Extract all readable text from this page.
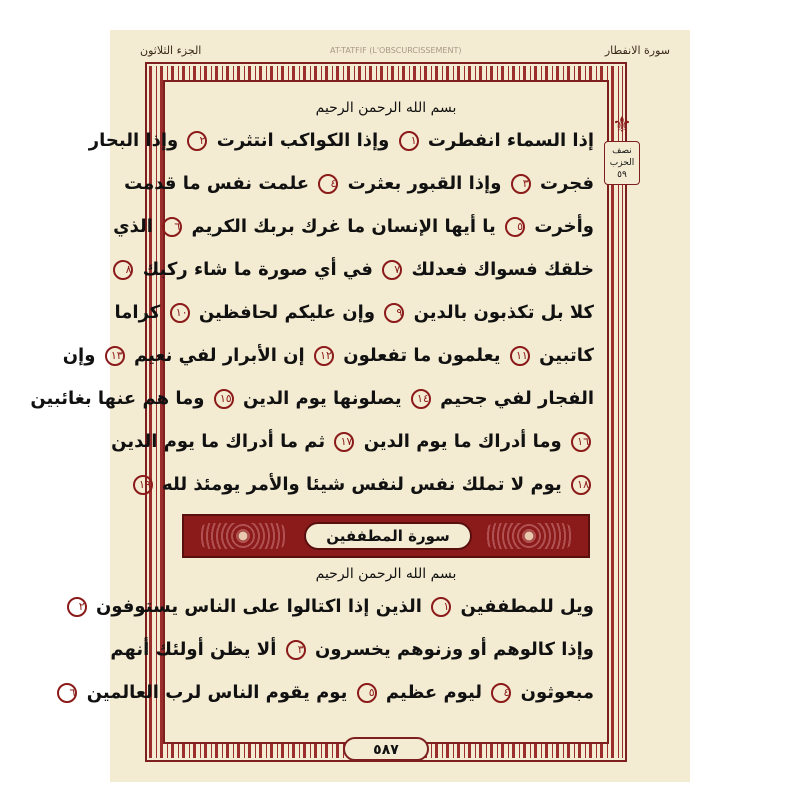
الجزء الثلاثون	AT-TATFIF (L'OBSCURCISSEMENT)	سورة الانفطار
⚜
نصف
الحزب
٥٩
بسم الله الرحمن الرحيم
إذا السماء انفطرت ١ وإذا الكواكب انتثرت ٢ وإذا البحار
فجرت ٣ وإذا القبور بعثرت ٤ علمت نفس ما قدمت
وأخرت ٥ يا أيها الإنسان ما غرك بربك الكريم ٦ الذي
خلقك فسواك فعدلك ٧ في أي صورة ما شاء ركبك ٨
كلا بل تكذبون بالدين ٩ وإن عليكم لحافظين ١٠ كراما
كاتبين ١١ يعلمون ما تفعلون ١٢ إن الأبرار لفي نعيم ١٣ وإن
الفجار لفي جحيم ١٤ يصلونها يوم الدين ١٥ وما هم عنها بغائبين
١٦ وما أدراك ما يوم الدين ١٧ ثم ما أدراك ما يوم الدين
١٨ يوم لا تملك نفس لنفس شيئا والأمر يومئذ لله ١٩
سورة المطففين
بسم الله الرحمن الرحيم
ويل للمطففين ١ الذين إذا اكتالوا على الناس يستوفون ٢
وإذا كالوهم أو وزنوهم يخسرون ٣ ألا يظن أولئك أنهم
مبعوثون ٤ ليوم عظيم ٥ يوم يقوم الناس لرب العالمين ٦
٥٨٧
